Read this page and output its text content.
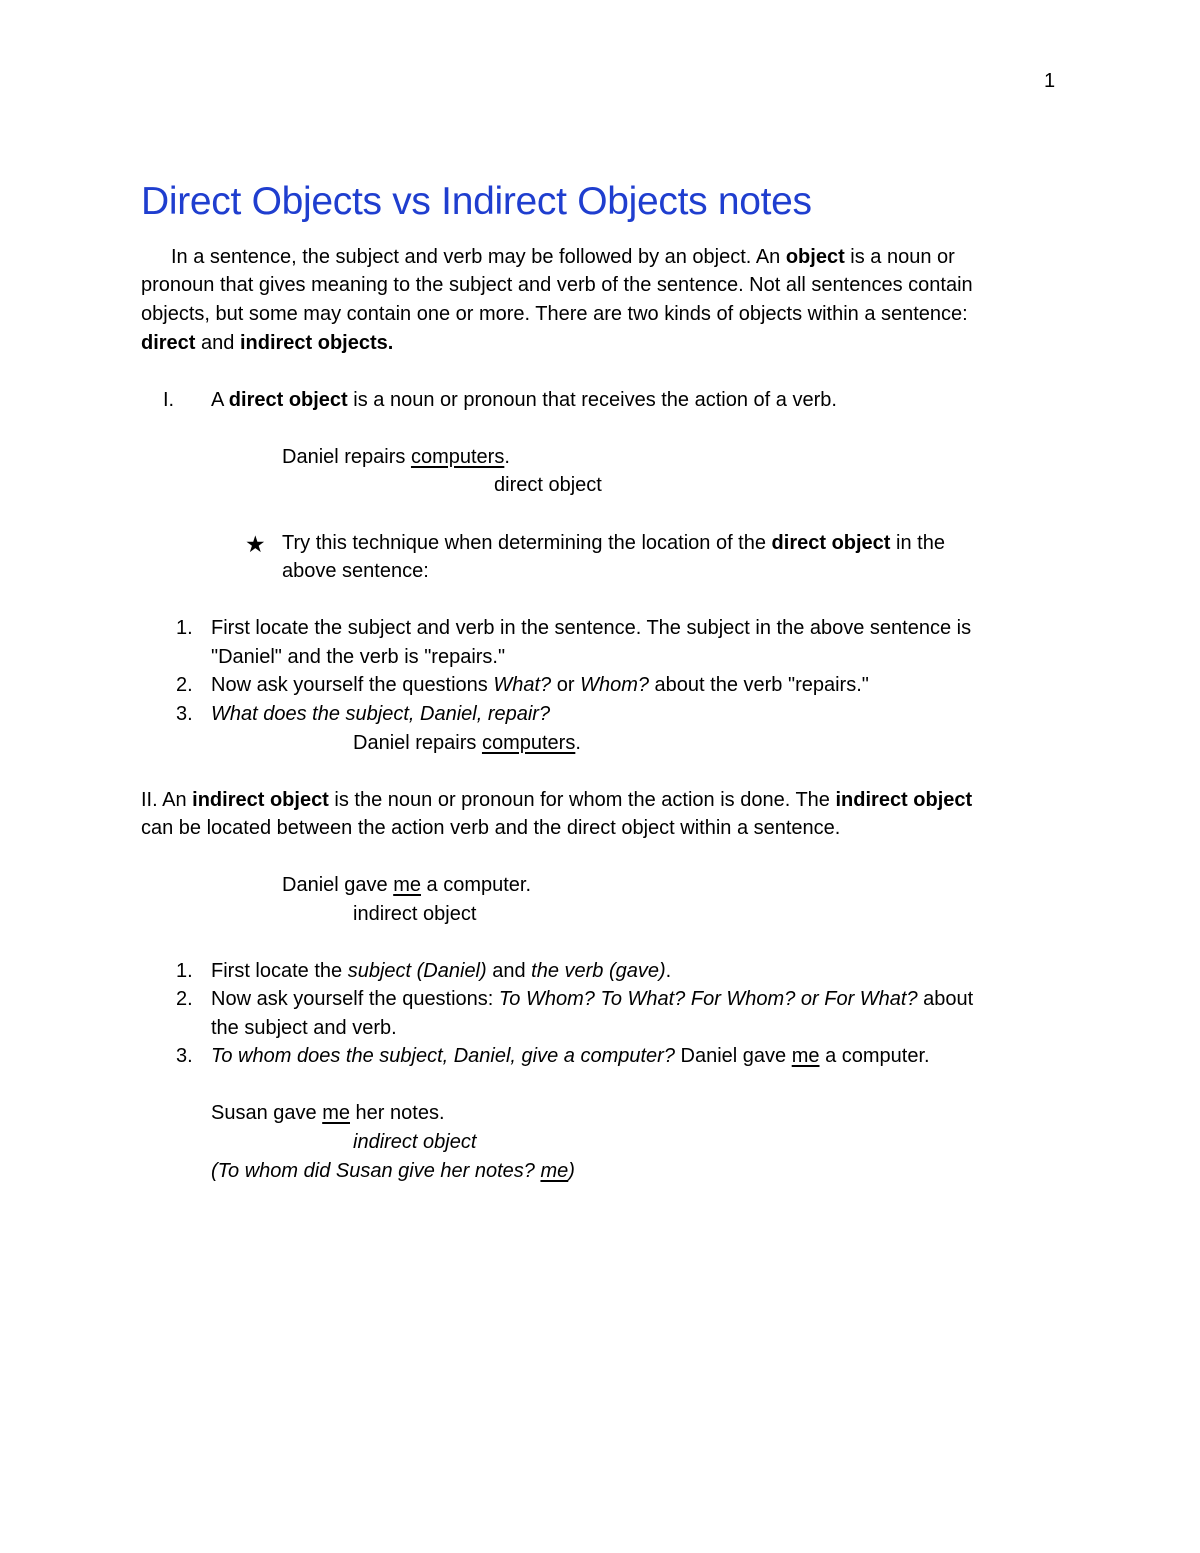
1
Direct Objects vs Indirect Objects notes
In a sentence, the subject and verb may be followed by an object. An object is a noun or
pronoun that gives meaning to the subject and verb of the sentence. Not all sentences contain
objects, but some may contain one or more. There are two kinds of objects within a sentence:
direct and indirect objects.
I. A direct object is a noun or pronoun that receives the action of a verb.
Daniel repairs computers.
direct object
★ Try this technique when determining the location of the direct object in the
above sentence:
1. First locate the subject and verb in the sentence. The subject in the above sentence is
"Daniel" and the verb is "repairs."
2. Now ask yourself the questions What? or Whom? about the verb "repairs."
3. What does the subject, Daniel, repair?
Daniel repairs computers.
II. An indirect object is the noun or pronoun for whom the action is done. The indirect object
can be located between the action verb and the direct object within a sentence.
Daniel gave me a computer.
indirect object
1. First locate the subject (Daniel) and the verb (gave).
2. Now ask yourself the questions: To Whom? To What? For Whom? or For What? about
the subject and verb.
3. To whom does the subject, Daniel, give a computer? Daniel gave me a computer.
Susan gave me her notes.
indirect object
(To whom did Susan give her notes? me)
